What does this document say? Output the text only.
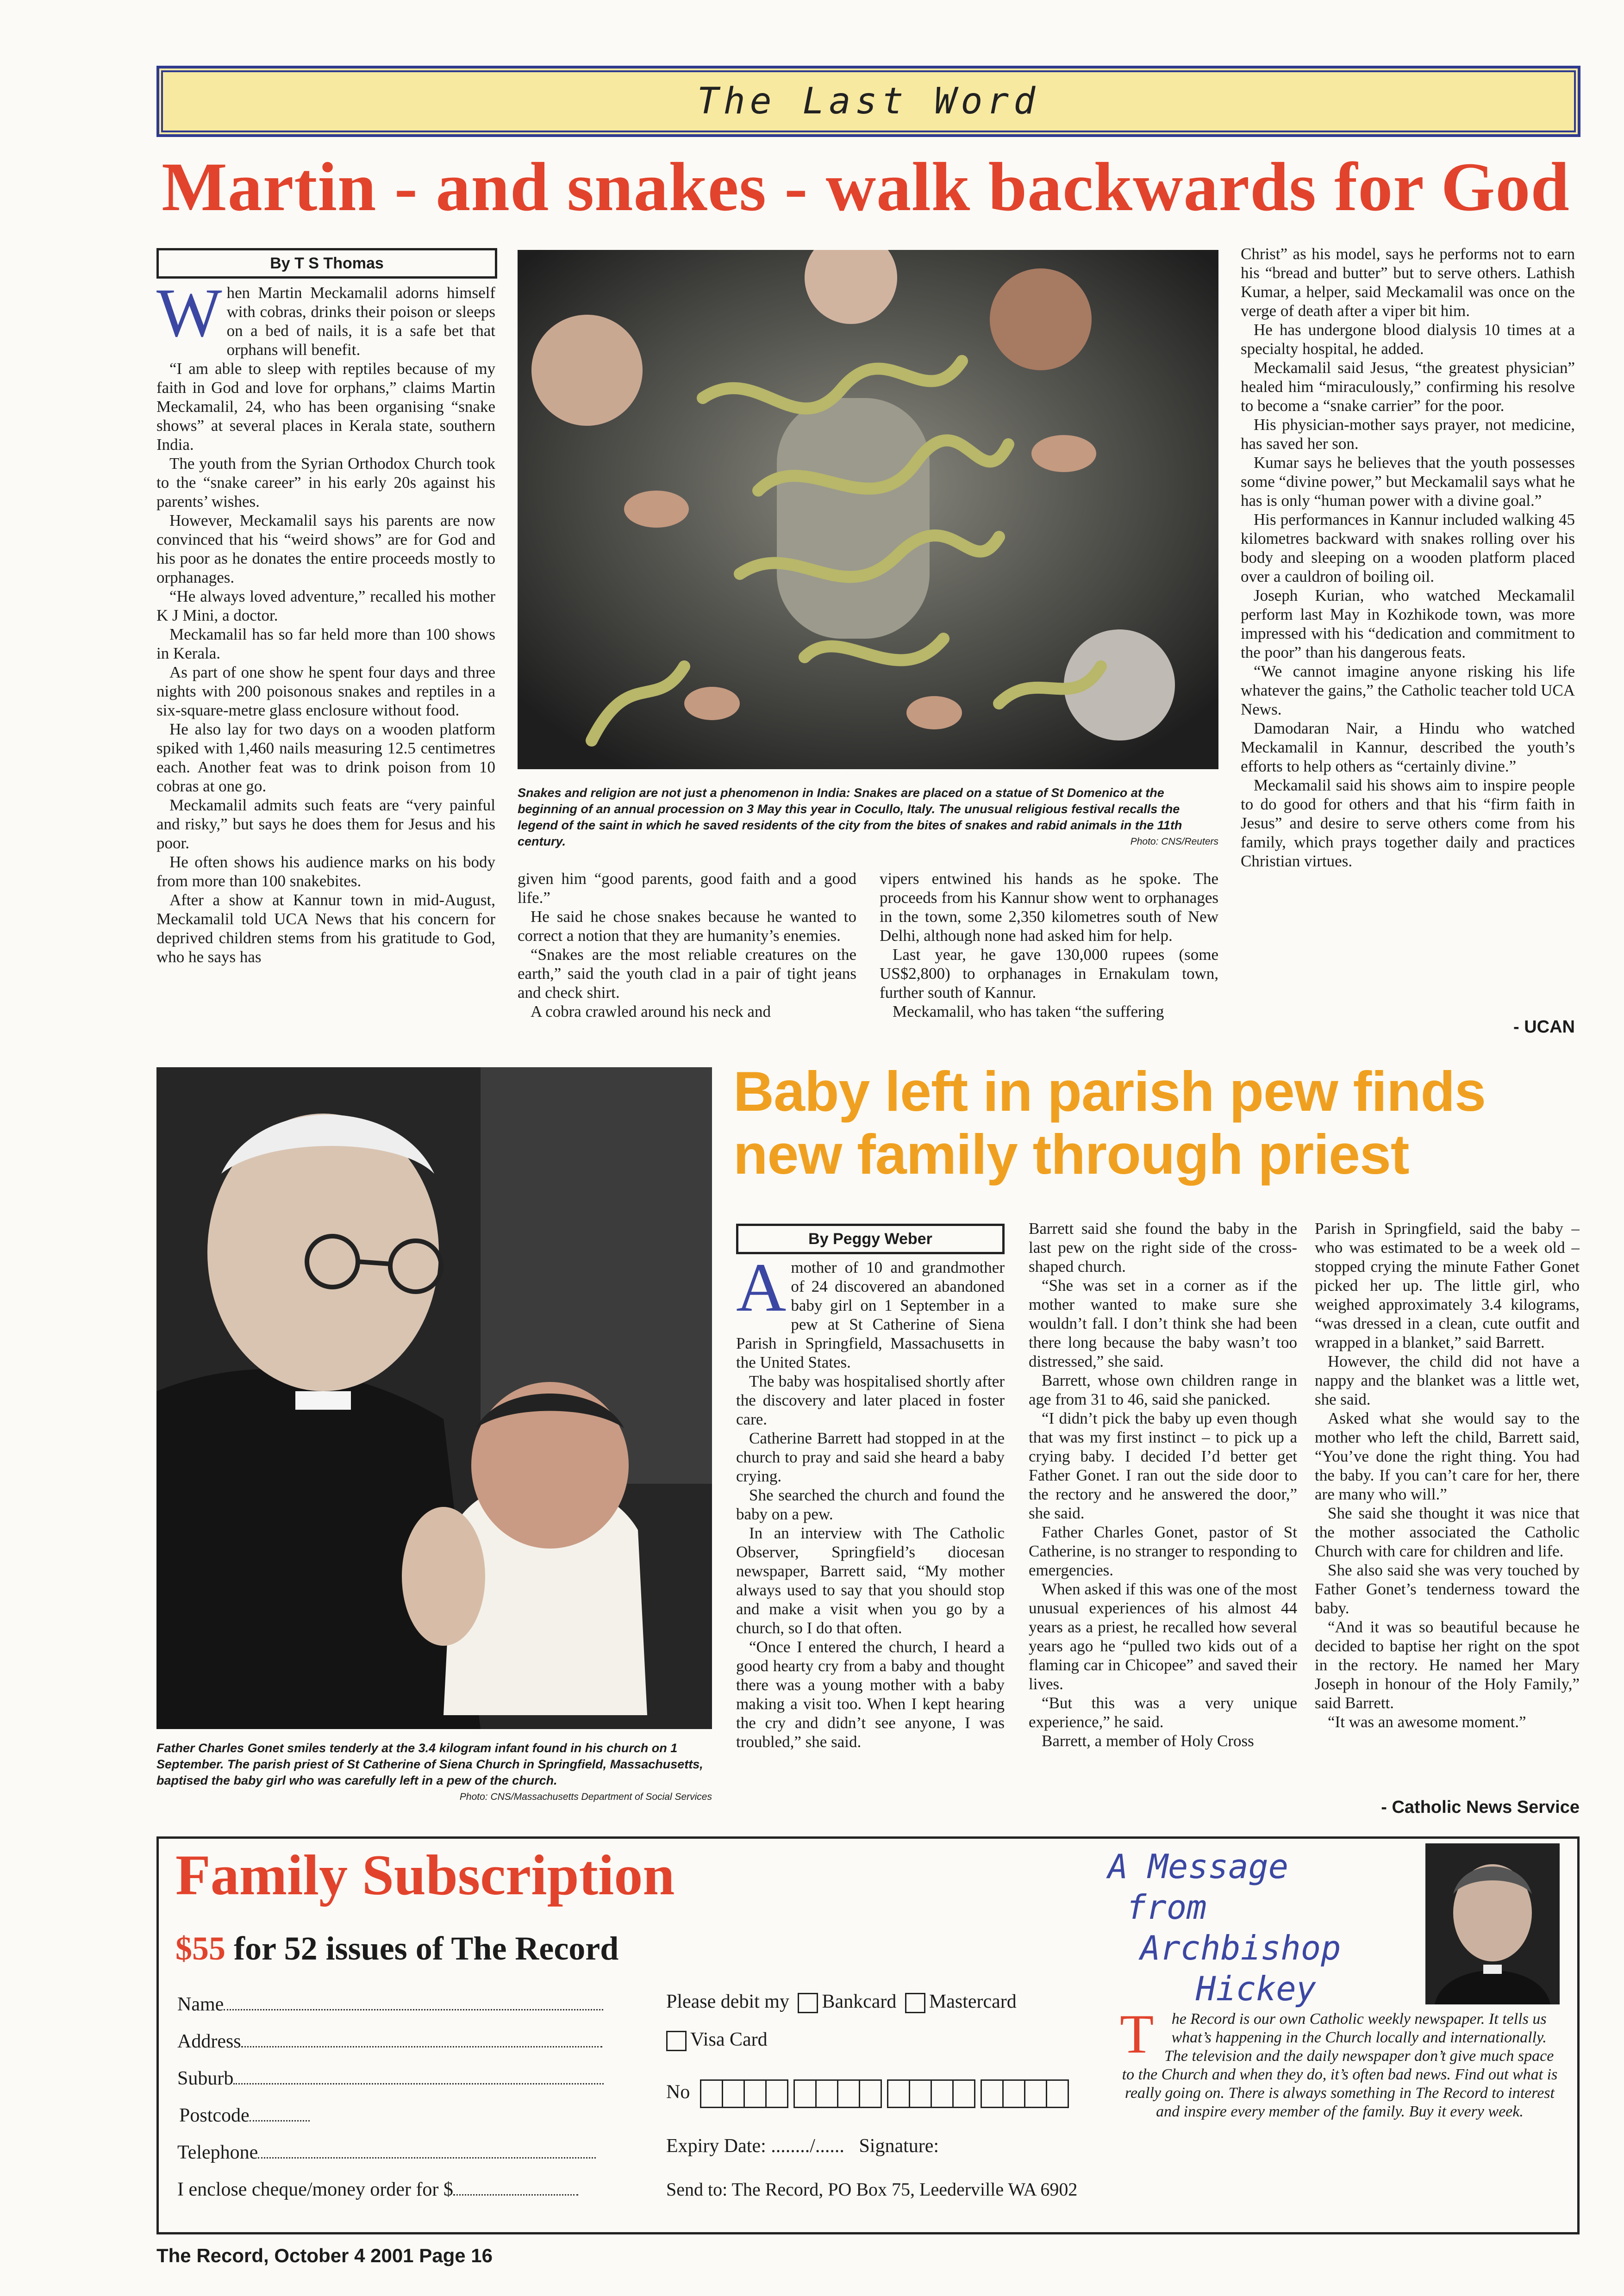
The Last Word
Martin - and snakes - walk backwards for God
By T S Thomas
W hen Martin Meckamalil adorns himself with cobras, drinks their poison or sleeps on a bed of nails, it is a safe bet that orphans will benefit.

“I am able to sleep with reptiles because of my faith in God and love for orphans,” claims Martin Meckamalil, 24, who has been organising “snake shows” at several places in Kerala state, southern India.

The youth from the Syrian Orthodox Church took to the “snake career” in his early 20s against his parents’ wishes.

However, Meckamalil says his parents are now convinced that his “weird shows” are for God and his poor as he donates the entire proceeds mostly to orphanages.

“He always loved adventure,” recalled his mother K J Mini, a doctor.

Meckamalil has so far held more than 100 shows in Kerala.

As part of one show he spent four days and three nights with 200 poisonous snakes and reptiles in a six-square-metre glass enclosure without food.

He also lay for two days on a wooden platform spiked with 1,460 nails measuring 12.5 centimetres each. Another feat was to drink poison from 10 cobras at one go.

Meckamalil admits such feats are “very painful and risky,” but says he does them for Jesus and his poor.

He often shows his audience marks on his body from more than 100 snakebites.

After a show at Kannur town in mid-August, Meckamalil told UCA News that his concern for deprived children stems from his gratitude to God, who he says has

Snakes and religion are not just a phenomenon in India: Snakes are placed on a statue of St Domenico at the beginning of an annual procession on 3 May this year in Cocullo, Italy. The unusual religious festival recalls the legend of the saint in which he saved residents of the city from the bites of snakes and rabid animals in the 11th century.	Photo: CNS/Reuters

given him “good parents, good faith and a good life.”

He said he chose snakes because he wanted to correct a notion that they are humanity’s enemies.

“Snakes are the most reliable creatures on the earth,” said the youth clad in a pair of tight jeans and check shirt.

A cobra crawled around his neck and

vipers entwined his hands as he spoke. The proceeds from his Kannur show went to orphanages in the town, some 2,350 kilometres south of New Delhi, although none had asked him for help.

Last year, he gave 130,000 rupees (some US$2,800) to orphanages in Ernakulam town, further south of Kannur.

Meckamalil, who has taken “the suffering

Christ” as his model, says he performs not to earn his “bread and butter” but to serve others. Lathish Kumar, a helper, said Meckamalil was once on the verge of death after a viper bit him.

He has undergone blood dialysis 10 times at a specialty hospital, he added.

Meckamalil said Jesus, “the greatest physician” healed him “miraculously,” confirming his resolve to become a “snake carrier” for the poor.

His physician-mother says prayer, not medicine, has saved her son.

Kumar says he believes that the youth possesses some “divine power,” but Meckamalil says what he has is only “human power with a divine goal.”

His performances in Kannur included walking 45 kilometres backward with snakes rolling over his body and sleeping on a wooden platform placed over a cauldron of boiling oil.

Joseph Kurian, who watched Meckamalil perform last May in Kozhikode town, was more impressed with his “dedication and commitment to the poor” than his dangerous feats.

“We cannot imagine anyone risking his life whatever the gains,” the Catholic teacher told UCA News.

Damodaran Nair, a Hindu who watched Meckamalil in Kannur, described the youth’s efforts to help others as “certainly divine.”

Meckamalil said his shows aim to inspire people to do good for others and that his “firm faith in Jesus” and desire to serve others come from his family, which prays together daily and practices Christian virtues.

- UCAN
Father Charles Gonet smiles tenderly at the 3.4 kilogram infant found in his church on 1 September. The parish priest of St Catherine of Siena Church in Springfield, Massachusetts, baptised the baby girl who was carefully left in a pew of the church.
Photo: CNS/Massachusetts Department of Social Services
Baby left in parish pew finds
new family through priest
By Peggy Weber
A mother of 10 and grandmother of 24 discovered an abandoned baby girl on 1 September in a pew at St Catherine of Siena Parish in Springfield, Massachusetts in the United States.

The baby was hospitalised shortly after the discovery and later placed in foster care.

Catherine Barrett had stopped in at the church to pray and said she heard a baby crying.

She searched the church and found the baby on a pew.

In an interview with The Catholic Observer, Springfield’s diocesan newspaper, Barrett said, “My mother always used to say that you should stop and make a visit when you go by a church, so I do that often.

“Once I entered the church, I heard a good hearty cry from a baby and thought there was a young mother with a baby making a visit too. When I kept hearing the cry and didn’t see anyone, I was troubled,” she said.

Barrett said she found the baby in the last pew on the right side of the cross-shaped church.

“She was set in a corner as if the mother wanted to make sure she wouldn’t fall. I don’t think she had been there long because the baby wasn’t too distressed,” she said.

Barrett, whose own children range in age from 31 to 46, said she panicked.

“I didn’t pick the baby up even though that was my first instinct – to pick up a crying baby. I decided I’d better get Father Gonet. I ran out the side door to the rectory and he answered the door,” she said.

Father Charles Gonet, pastor of St Catherine, is no stranger to responding to emergencies.

When asked if this was one of the most unusual experiences of his almost 44 years as a priest, he recalled how several years ago he “pulled two kids out of a flaming car in Chicopee” and saved their lives.

“But this was a very unique experience,” he said.

Barrett, a member of Holy Cross

Parish in Springfield, said the baby – who was estimated to be a week old – stopped crying the minute Father Gonet picked her up. The little girl, who weighed approximately 3.4 kilograms, “was dressed in a clean, cute outfit and wrapped in a blanket,” said Barrett.

However, the child did not have a nappy and the blanket was a little wet, she said.

Asked what she would say to the mother who left the child, Barrett said, “You’ve done the right thing. You had the baby. If you can’t care for her, there are many who will.”

She said she thought it was nice that the mother associated the Catholic Church with care for children and life.

She also said she was very touched by Father Gonet’s tenderness toward the baby.

“And it was so beautiful because he decided to baptise her right on the spot in the rectory. He named her Mary Joseph in honour of the Holy Family,” said Barrett.

“It was an awesome moment.”

- Catholic News Service
Family Subscription
$55 for 52 issues of The Record
Name
Address
Suburb
Postcode
Telephone
I enclose cheque/money order for $
Please debit my Bankcard Mastercard
Visa Card
No
Expiry Date: ......../...... Signature:
Send to: The Record, PO Box 75, Leederville WA 6902
A Message
from
Archbishop
Hickey
T he Record is our own Catholic weekly newspaper. It tells us what’s happening in the Church locally and internationally. The television and the daily newspaper don’t give much space to the Church and when they do, it’s often bad news. Find out what is really going on. There is always something in The Record to interest and inspire every member of the family. Buy it every week.
The Record, October 4 2001 Page 16
